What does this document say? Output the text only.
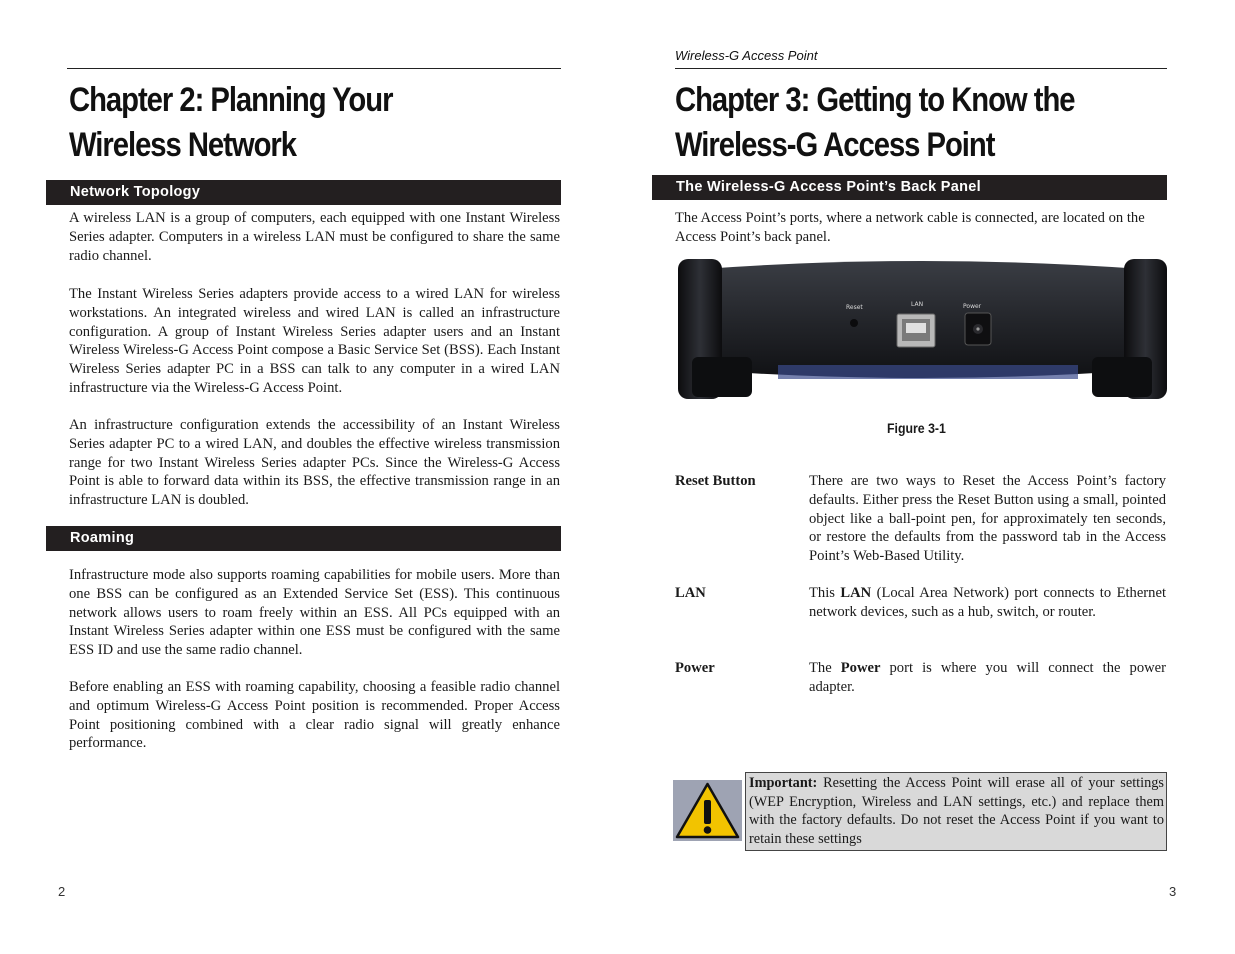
Chapter 2: Planning Your
Wireless Network
Network Topology

A wireless LAN is a group of computers, each equipped with one Instant Wireless Series adapter. Computers in a wireless LAN must be configured to share the same radio channel.

The Instant Wireless Series adapters provide access to a wired LAN for wireless workstations. An integrated wireless and wired LAN is called an infrastructure configuration. A group of Instant Wireless Series adapter users and an Instant Wireless Wireless-G Access Point compose a Basic Service Set (BSS). Each Instant Wireless Series adapter PC in a BSS can talk to any computer in a wired LAN infrastructure via the Wireless-G Access Point.

An infrastructure configuration extends the accessibility of an Instant Wireless Series adapter PC to a wired LAN, and doubles the effective wireless transmission range for two Instant Wireless Series adapter PCs. Since the Wireless-G Access Point is able to forward data within its BSS, the effective transmission range in an infrastructure LAN is doubled.

Roaming

Infrastructure mode also supports roaming capabilities for mobile users. More than one BSS can be configured as an Extended Service Set (ESS). This continuous network allows users to roam freely within an ESS. All PCs equipped with an Instant Wireless Series adapter within one ESS must be configured with the same ESS ID and use the same radio channel.

Before enabling an ESS with roaming capability, choosing a feasible radio channel and optimum Wireless-G Access Point position is recommended. Proper Access Point positioning combined with a clear radio signal will greatly enhance performance.

2
Wireless-G Access Point
Chapter 3: Getting to Know the
Wireless-G Access Point
The Wireless-G Access Point’s Back Panel

The Access Point’s ports, where a network cable is connected, are located on the Access Point’s back panel.

Reset	LAN	Power
Figure 3-1
Reset Button	There are two ways to Reset the Access Point’s factory defaults. Either press the Reset Button using a small, pointed object like a ball-point pen, for approximately ten seconds, or restore the defaults from the password tab in the Access Point’s Web-Based Utility.
LAN	This LAN (Local Area Network) port connects to Ethernet network devices, such as a hub, switch, or router.
Power	The Power port is where you will connect the power adapter.
Important: Resetting the Access Point will erase all of your settings (WEP Encryption, Wireless and LAN settings, etc.) and replace them with the factory defaults. Do not reset the Access Point if you want to retain these settings
3
